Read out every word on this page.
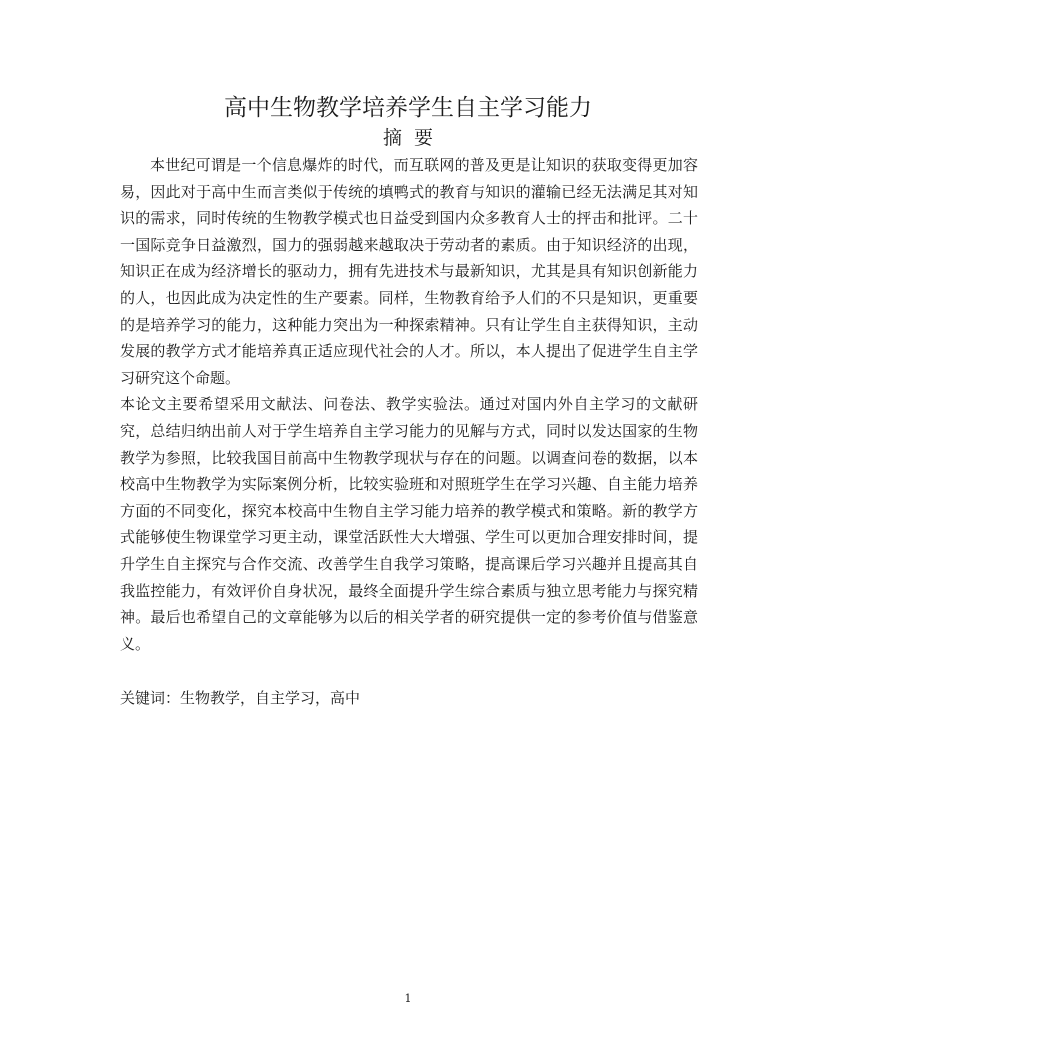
高中生物教学培养学生自主学习能力
摘  要

本世纪可谓是一个信息爆炸的时代，而互联网的普及更是让知识的获取变得更加容易，因此对于高中生而言类似于传统的填鸭式的教育与知识的灌输已经无法满足其对知识的需求，同时传统的生物教学模式也日益受到国内众多教育人士的抨击和批评。二十一国际竞争日益激烈，国力的强弱越来越取决于劳动者的素质。由于知识经济的出现，知识正在成为经济增长的驱动力，拥有先进技术与最新知识，尤其是具有知识创新能力的人，也因此成为决定性的生产要素。同样，生物教育给予人们的不只是知识，更重要的是培养学习的能力，这种能力突出为一种探索精神。只有让学生自主获得知识，主动发展的教学方式才能培养真正适应现代社会的人才。所以，本人提出了促进学生自主学习研究这个命题。

本论文主要希望采用文献法、问卷法、教学实验法。通过对国内外自主学习的文献研究，总结归纳出前人对于学生培养自主学习能力的见解与方式，同时以发达国家的生物教学为参照，比较我国目前高中生物教学现状与存在的问题。以调查问卷的数据，以本校高中生物教学为实际案例分析，比较实验班和对照班学生在学习兴趣、自主能力培养方面的不同变化，探究本校高中生物自主学习能力培养的教学模式和策略。新的教学方式能够使生物课堂学习更主动，课堂活跃性大大增强、学生可以更加合理安排时间，提升学生自主探究与合作交流、改善学生自我学习策略，提高课后学习兴趣并且提高其自我监控能力，有效评价自身状况，最终全面提升学生综合素质与独立思考能力与探究精神。最后也希望自己的文章能够为以后的相关学者的研究提供一定的参考价值与借鉴意义。

关键词：生物教学，自主学习，高中
1
